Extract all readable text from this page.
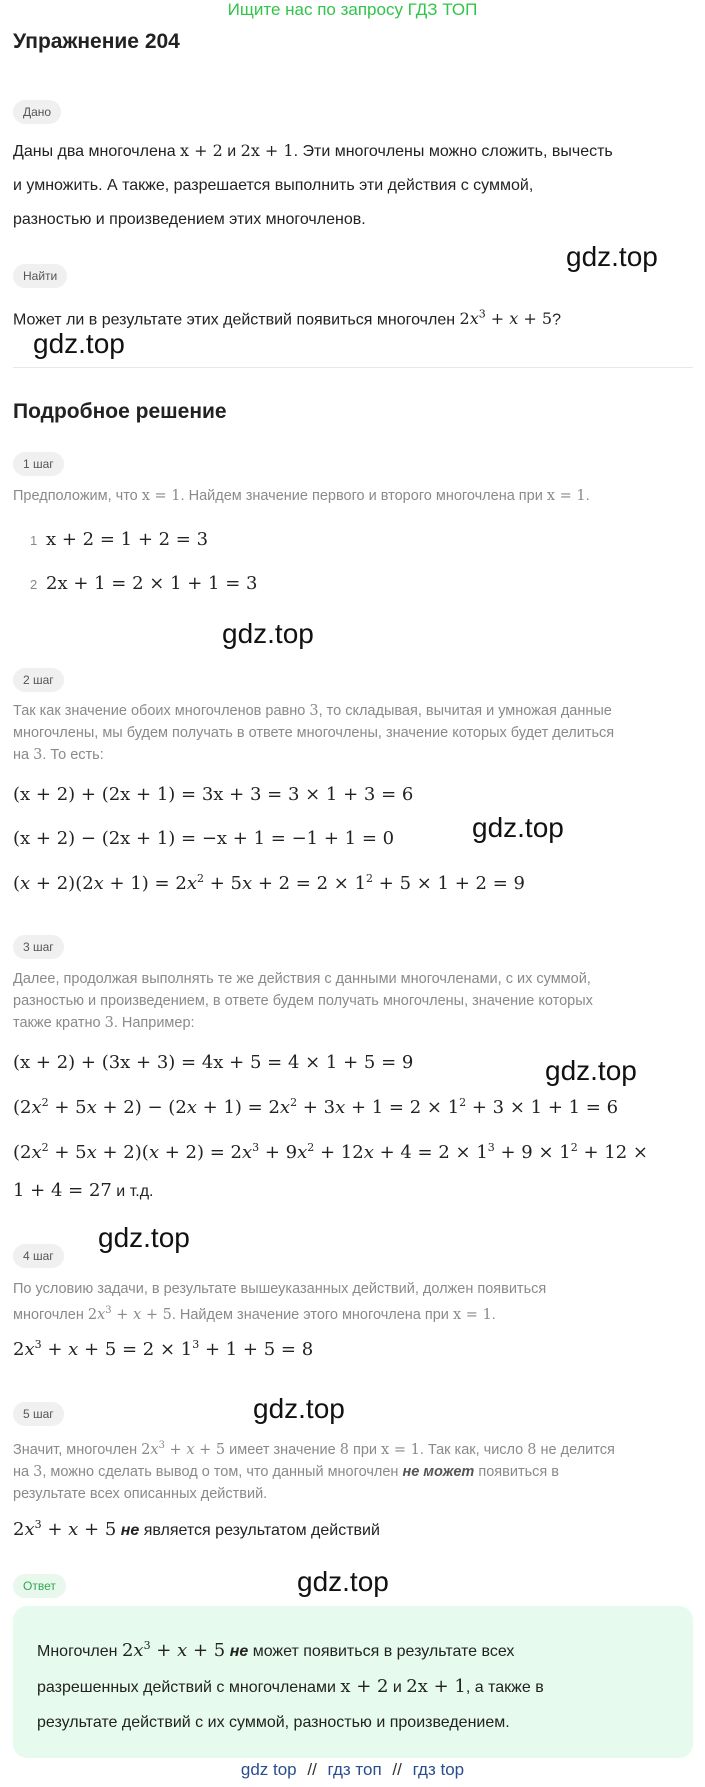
Ищите нас по запросу ГДЗ ТОП
Упражнение 204
Дано
Даны два многочлена x + 2 и 2x + 1. Эти многочлены можно сложить, вычесть
и умножить. А также, разрешается выполнить эти действия с суммой,
разностью и произведением этих многочленов.
Найти
gdz.top
Может ли в результате этих действий появиться многочлен $2x^3 + x + 5$?
gdz.top
Подробное решение
1 шаг
Предположим, что x = 1. Найдем значение первого и второго многочлена при x = 1.
1 x + 2 = 1 + 2 = 3
2 2x + 1 = 2 × 1 + 1 = 3
gdz.top
2 шаг
Так как значение обоих многочленов равно 3, то складывая, вычитая и умножая данные
многочлены, мы будем получать в ответе многочлены, значение которых будет делиться
на 3. То есть:
(x + 2) + (2x + 1) = 3x + 3 = 3 × 1 + 3 = 6
gdz.top
(x + 2) − (2x + 1) = −x + 1 = −1 + 1 = 0
$(x + 2)(2x + 1) = 2x^2 + 5x + 2 = 2 \times 1^2 + 5 \times 1 + 2 = 9$
3 шаг
Далее, продолжая выполнять те же действия с данными многочленами, с их суммой,
разностью и произведением, в ответе будем получать многочлены, значение которых
также кратно 3. Например:
(x + 2) + (3x + 3) = 4x + 5 = 4 × 1 + 5 = 9	gdz.top
$(2x^2 + 5x + 2) - (2x + 1) = 2x^2 + 3x + 1 = 2 \times 1^2 + 3 \times 1 + 1 = 6$
$(2x^2 + 5x + 2)(x + 2) = 2x^3 + 9x^2 + 12x + 4 = 2 \times 1^3 + 9 \times 1^2 + 12$ ×
1 + 4 = 27 и т.д.
gdz.top
4 шаг
По условию задачи, в результате вышеуказанных действий, должен появиться
многочлен $2x^3 + x + 5$. Найдем значение этого многочлена при x = 1.
$2x^3 + x + 5 = 2 \times 1^3 + 1 + 5 = 8$
gdz.top
5 шаг
Значит, многочлен $2x^3 + x + 5$ имеет значение 8 при x = 1. Так как, число 8 не делится
на 3, можно сделать вывод о том, что данный многочлен не может появиться в
результате всех описанных действий.
$2x^3 + x + 5$ не является результатом действий
Ответ	gdz.top
Многочлен $2x^3 + x + 5$ не может появиться в результате всех
разрешенных действий с многочленами x + 2 и 2x + 1, а также в
результате действий с их суммой, разностью и произведением.
gdz top // гдз топ // гдз top
